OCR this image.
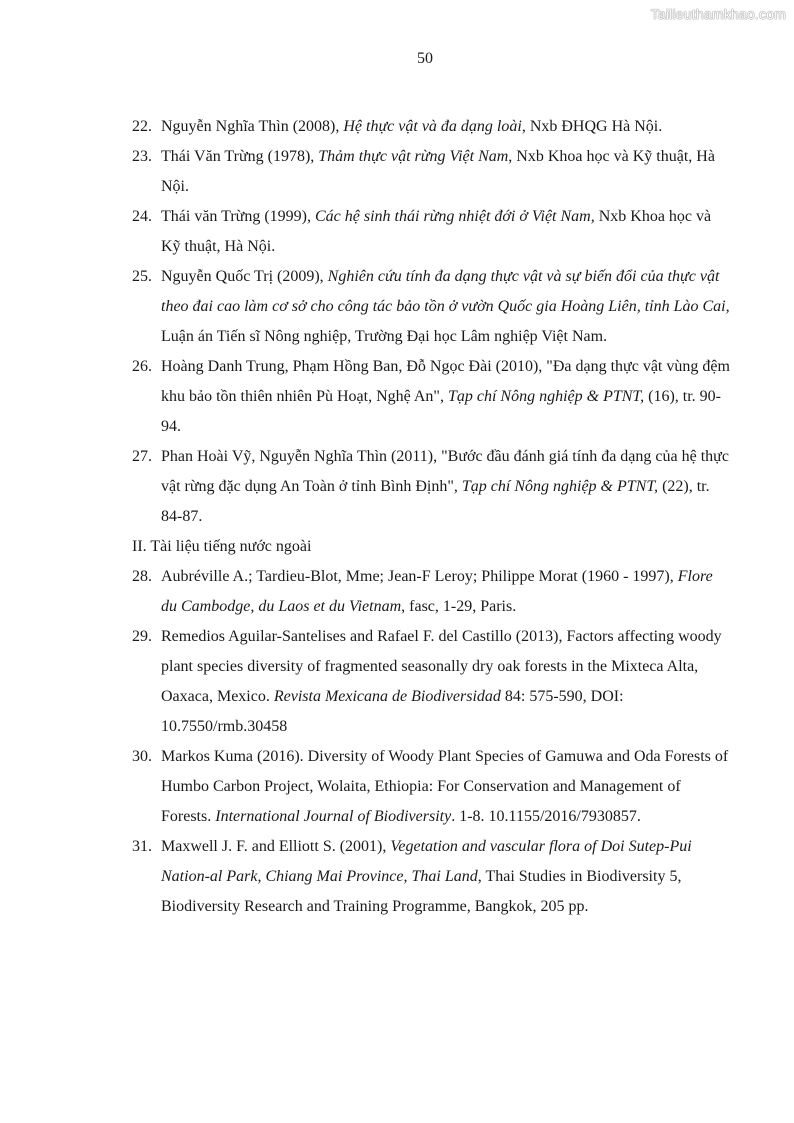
Tailieuthamkhao.com
50
22. Nguyễn Nghĩa Thìn (2008), Hệ thực vật và đa dạng loài, Nxb ĐHQG Hà Nội.
23. Thái Văn Trừng (1978), Thảm thực vật rừng Việt Nam, Nxb Khoa học và Kỹ thuật, Hà Nội.
24. Thái văn Trừng (1999), Các hệ sinh thái rừng nhiệt đới ở Việt Nam, Nxb Khoa học và Kỹ thuật, Hà Nội.
25. Nguyễn Quốc Trị (2009), Nghiên cứu tính đa dạng thực vật và sự biến đổi của thực vật theo đai cao làm cơ sở cho công tác bảo tồn ở vườn Quốc gia Hoàng Liên, tỉnh Lào Cai, Luận án Tiến sĩ Nông nghiệp, Trường Đại học Lâm nghiệp Việt Nam.
26. Hoàng Danh Trung, Phạm Hồng Ban, Đỗ Ngọc Đài (2010), "Đa dạng thực vật vùng đệm khu bảo tồn thiên nhiên Pù Hoạt, Nghệ An", Tạp chí Nông nghiệp & PTNT, (16), tr. 90-94.
27. Phan Hoài Vỹ, Nguyễn Nghĩa Thìn (2011), "Bước đầu đánh giá tính đa dạng của hệ thực vật rừng đặc dụng An Toàn ở tỉnh Bình Định", Tạp chí Nông nghiệp & PTNT, (22), tr. 84-87.
II. Tài liệu tiếng nước ngoài
28. Aubréville A.; Tardieu-Blot, Mme; Jean-F Leroy; Philippe Morat (1960 - 1997), Flore du Cambodge, du Laos et du Vietnam, fasc, 1-29, Paris.
29. Remedios Aguilar-Santelises and Rafael F. del Castillo (2013), Factors affecting woody plant species diversity of fragmented seasonally dry oak forests in the Mixteca Alta, Oaxaca, Mexico. Revista Mexicana de Biodiversidad 84: 575-590, DOI: 10.7550/rmb.30458
30. Markos Kuma (2016). Diversity of Woody Plant Species of Gamuwa and Oda Forests of Humbo Carbon Project, Wolaita, Ethiopia: For Conservation and Management of Forests. International Journal of Biodiversity. 1-8. 10.1155/2016/7930857.
31. Maxwell J. F. and Elliott S. (2001), Vegetation and vascular flora of Doi Sutep-Pui Nation-al Park, Chiang Mai Province, Thai Land, Thai Studies in Biodiversity 5, Biodiversity Research and Training Programme, Bangkok, 205 pp.
